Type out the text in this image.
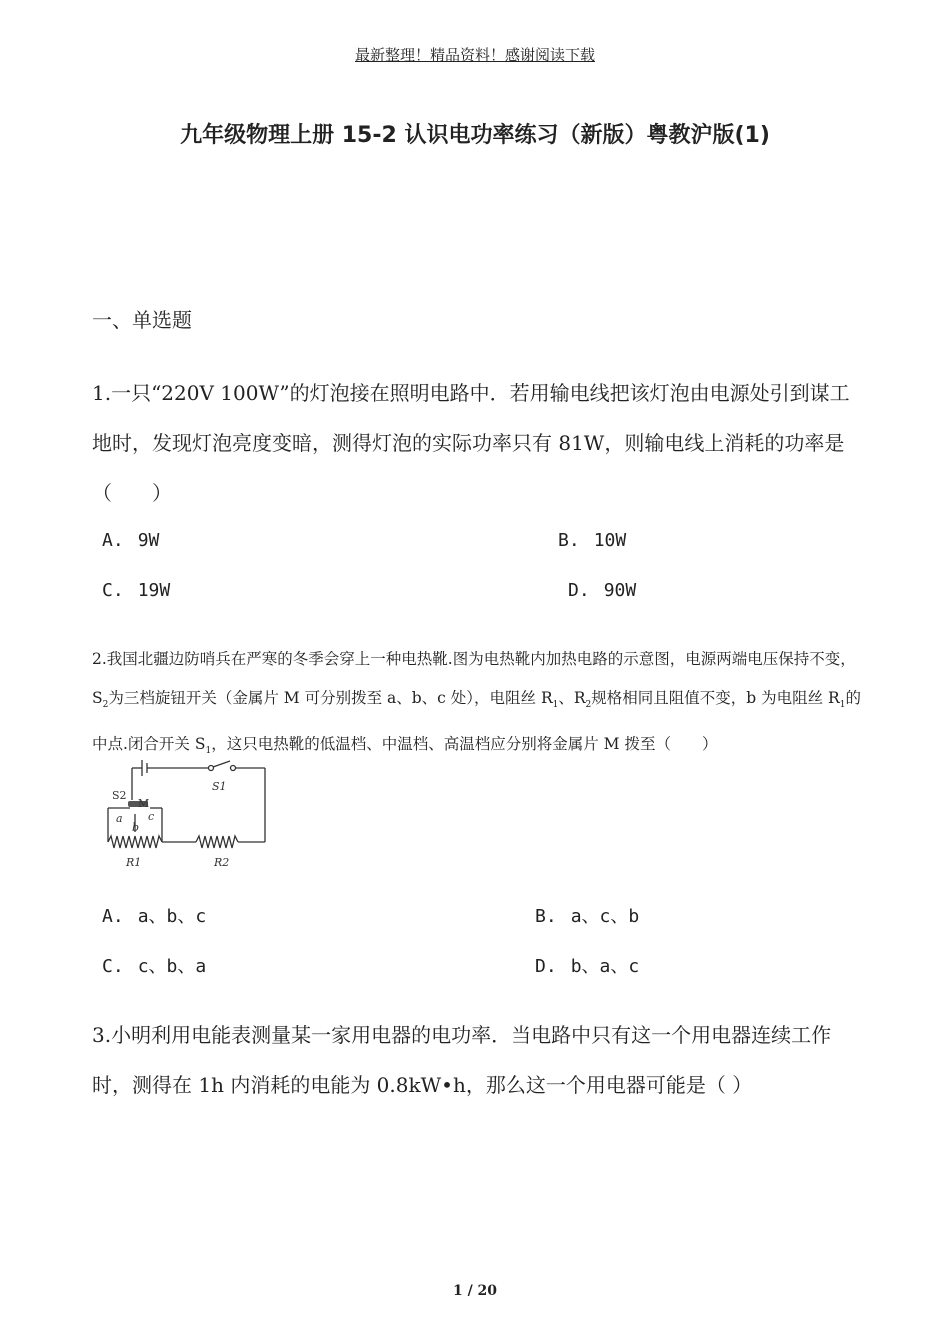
最新整理！精品资料！感谢阅读下载
九年级物理上册 15-2 认识电功率练习（新版）粤教沪版(1)
一、单选题
1.一只“220V 100W”的灯泡接在照明电路中．若用输电线把该灯泡由电源处引到谋工地时，发现灯泡亮度变暗，测得灯泡的实际功率只有 81W，则输电线上消耗的功率是（　　）
A. 9W	B. 10W
C. 19W	D. 90W
2.我国北疆边防哨兵在严寒的冬季会穿上一种电热靴.图为电热靴内加热电路的示意图，电源两端电压保持不变，$S_2$为三档旋钮开关（金属片 M 可分别拨至 a、b、c 处），电阻丝 $R_1$、$R_2$规格相同且阻值不变，b 为电阻丝 $R_1$的中点.闭合开关 $S_1$，这只电热靴的低温档、中温档、高温档应分别将金属片 M 拨至（　　）
S2
M
S1
a
b
c
R1	R2
A. a、b、c	B. a、c、b
C. c、b、a	D. b、a、c
3.小明利用电能表测量某一家用电器的电功率．当电路中只有这一个用电器连续工作时，测得在 1h 内消耗的电能为 0.8kW•h，那么这一个用电器可能是（ ）
1 / 20
